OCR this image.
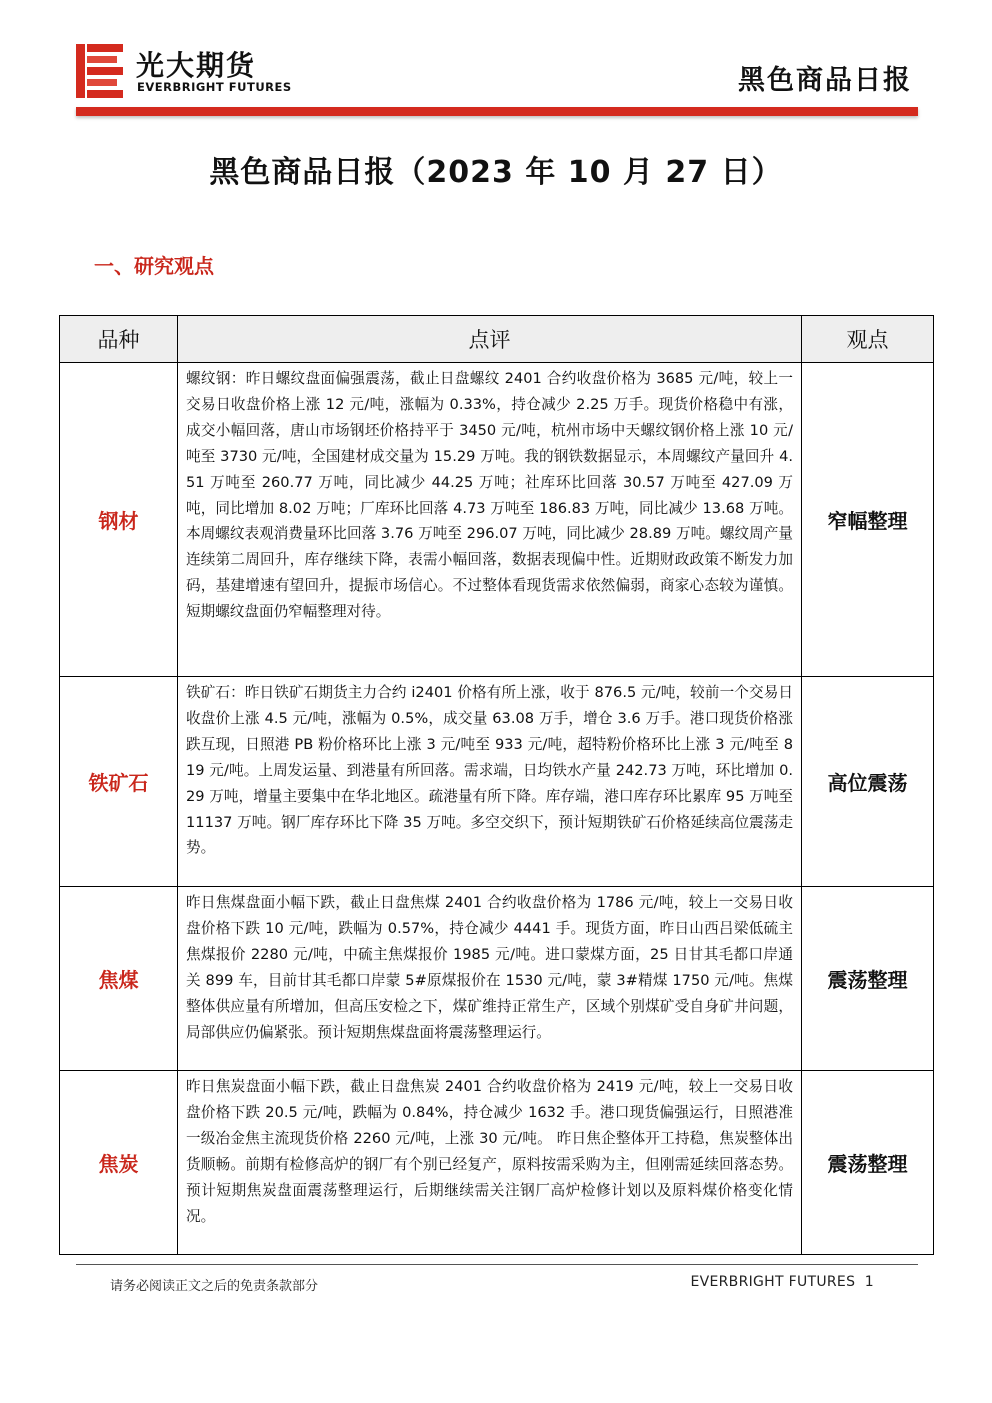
光大期货
EVERBRIGHT FUTURES	黑色商品日报
黑色商品日报（2023 年 10 月 27 日）
一、研究观点
品种	点评	观点
钢材	螺纹钢：昨日螺纹盘面偏强震荡，截止日盘螺纹 2401 合约收盘价格为 3685 元/吨，较上一交易日收盘价格上涨 12 元/吨，涨幅为 0.33%，持仓减少 2.25 万手。现货价格稳中有涨，成交小幅回落，唐山市场钢坯价格持平于 3450 元/吨，杭州市场中天螺纹钢价格上涨 10 元/吨至 3730 元/吨，全国建材成交量为 15.29 万吨。我的钢铁数据显示，本周螺纹产量回升 4.51 万吨至 260.77 万吨，同比减少 44.25 万吨；社库环比回落 30.57 万吨至 427.09 万吨，同比增加 8.02 万吨；厂库环比回落 4.73 万吨至 186.83 万吨，同比减少 13.68 万吨。本周螺纹表观消费量环比回落 3.76 万吨至 296.07 万吨，同比减少 28.89 万吨。螺纹周产量连续第二周回升，库存继续下降，表需小幅回落，数据表现偏中性。近期财政政策不断发力加码，基建增速有望回升，提振市场信心。不过整体看现货需求依然偏弱，商家心态较为谨慎。短期螺纹盘面仍窄幅整理对待。	窄幅整理
铁矿石	铁矿石：昨日铁矿石期货主力合约 i2401 价格有所上涨，收于 876.5 元/吨，较前一个交易日收盘价上涨 4.5 元/吨，涨幅为 0.5%，成交量 63.08 万手，增仓 3.6 万手。港口现货价格涨跌互现，日照港 PB 粉价格环比上涨 3 元/吨至 933 元/吨，超特粉价格环比上涨 3 元/吨至 819 元/吨。上周发运量、到港量有所回落。需求端，日均铁水产量 242.73 万吨，环比增加 0.29 万吨，增量主要集中在华北地区。疏港量有所下降。库存端，港口库存环比累库 95 万吨至 11137 万吨。钢厂库存环比下降 35 万吨。多空交织下，预计短期铁矿石价格延续高位震荡走势。	高位震荡
焦煤	昨日焦煤盘面小幅下跌，截止日盘焦煤 2401 合约收盘价格为 1786 元/吨，较上一交易日收盘价格下跌 10 元/吨，跌幅为 0.57%，持仓减少 4441 手。现货方面，昨日山西吕梁低硫主焦煤报价 2280 元/吨，中硫主焦煤报价 1985 元/吨。进口蒙煤方面，25 日甘其毛都口岸通关 899 车，目前甘其毛都口岸蒙 5#原煤报价在 1530 元/吨，蒙 3#精煤 1750 元/吨。焦煤整体供应量有所增加，但高压安检之下，煤矿维持正常生产，区域个别煤矿受自身矿井问题，局部供应仍偏紧张。预计短期焦煤盘面将震荡整理运行。	震荡整理
焦炭	昨日焦炭盘面小幅下跌，截止日盘焦炭 2401 合约收盘价格为 2419 元/吨，较上一交易日收盘价格下跌 20.5 元/吨，跌幅为 0.84%，持仓减少 1632 手。港口现货偏强运行，日照港准一级冶金焦主流现货价格 2260 元/吨，上涨 30 元/吨。 昨日焦企整体开工持稳，焦炭整体出货顺畅。前期有检修高炉的钢厂有个别已经复产，原料按需采购为主，但刚需延续回落态势。预计短期焦炭盘面震荡整理运行，后期继续需关注钢厂高炉检修计划以及原料煤价格变化情况。	震荡整理
请务必阅读正文之后的免责条款部分	EVERBRIGHT FUTURES 1
